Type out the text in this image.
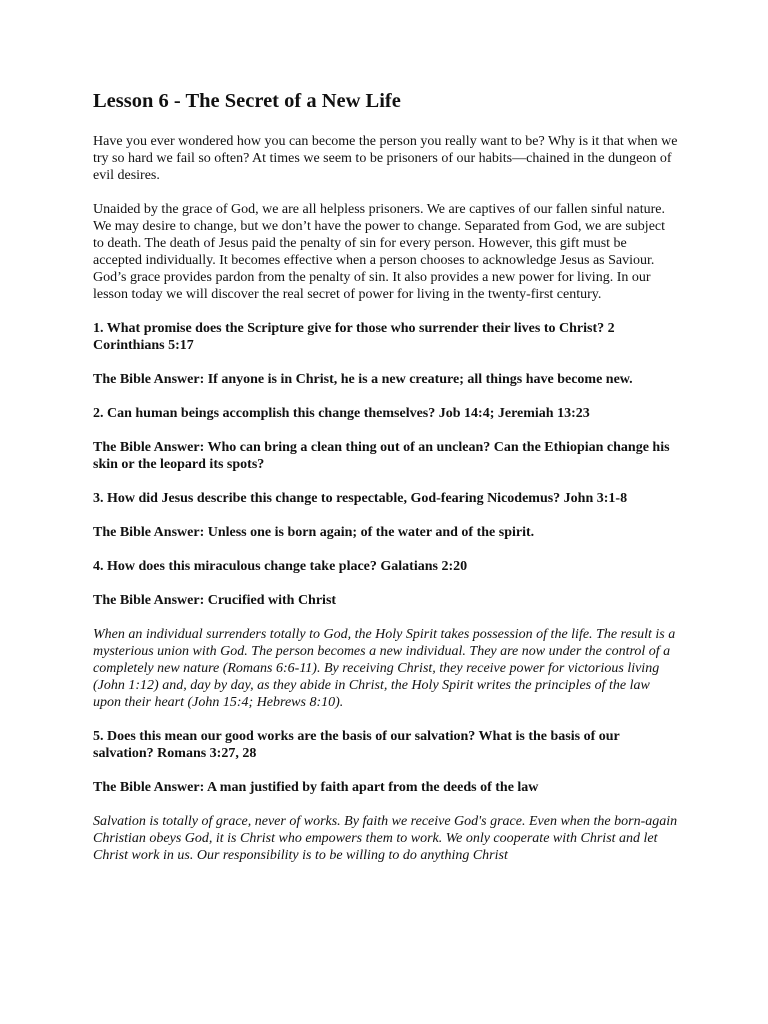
Lesson 6 - The Secret of a New Life

Have you ever wondered how you can become the person you really want to be? Why is it that when we try so hard we fail so often? At times we seem to be prisoners of our habits—chained in the dungeon of evil desires.

Unaided by the grace of God, we are all helpless prisoners. We are captives of our fallen sinful nature. We may desire to change, but we don’t have the power to change. Separated from God, we are subject to death. The death of Jesus paid the penalty of sin for every person. However, this gift must be accepted individually. It becomes effective when a person chooses to acknowledge Jesus as Saviour. God’s grace provides pardon from the penalty of sin. It also provides a new power for living. In our lesson today we will discover the real secret of power for living in the twenty-first century.

1. What promise does the Scripture give for those who surrender their lives to Christ? 2 Corinthians 5:17

The Bible Answer: If anyone is in Christ, he is a new creature; all things have become new.

2. Can human beings accomplish this change themselves? Job 14:4; Jeremiah 13:23

The Bible Answer: Who can bring a clean thing out of an unclean? Can the Ethiopian change his skin or the leopard its spots?

3. How did Jesus describe this change to respectable, God-fearing Nicodemus? John 3:1-8

The Bible Answer: Unless one is born again; of the water and of the spirit.

4. How does this miraculous change take place? Galatians 2:20

The Bible Answer: Crucified with Christ

When an individual surrenders totally to God, the Holy Spirit takes possession of the life. The result is a mysterious union with God. The person becomes a new individual. They are now under the control of a completely new nature (Romans 6:6-11). By receiving Christ, they receive power for victorious living (John 1:12) and, day by day, as they abide in Christ, the Holy Spirit writes the principles of the law upon their heart (John 15:4; Hebrews 8:10).

5. Does this mean our good works are the basis of our salvation? What is the basis of our salvation? Romans 3:27, 28

The Bible Answer: A man justified by faith apart from the deeds of the law

Salvation is totally of grace, never of works. By faith we receive God's grace. Even when the born-again Christian obeys God, it is Christ who empowers them to work. We only cooperate with Christ and let Christ work in us. Our responsibility is to be willing to do anything Christ
